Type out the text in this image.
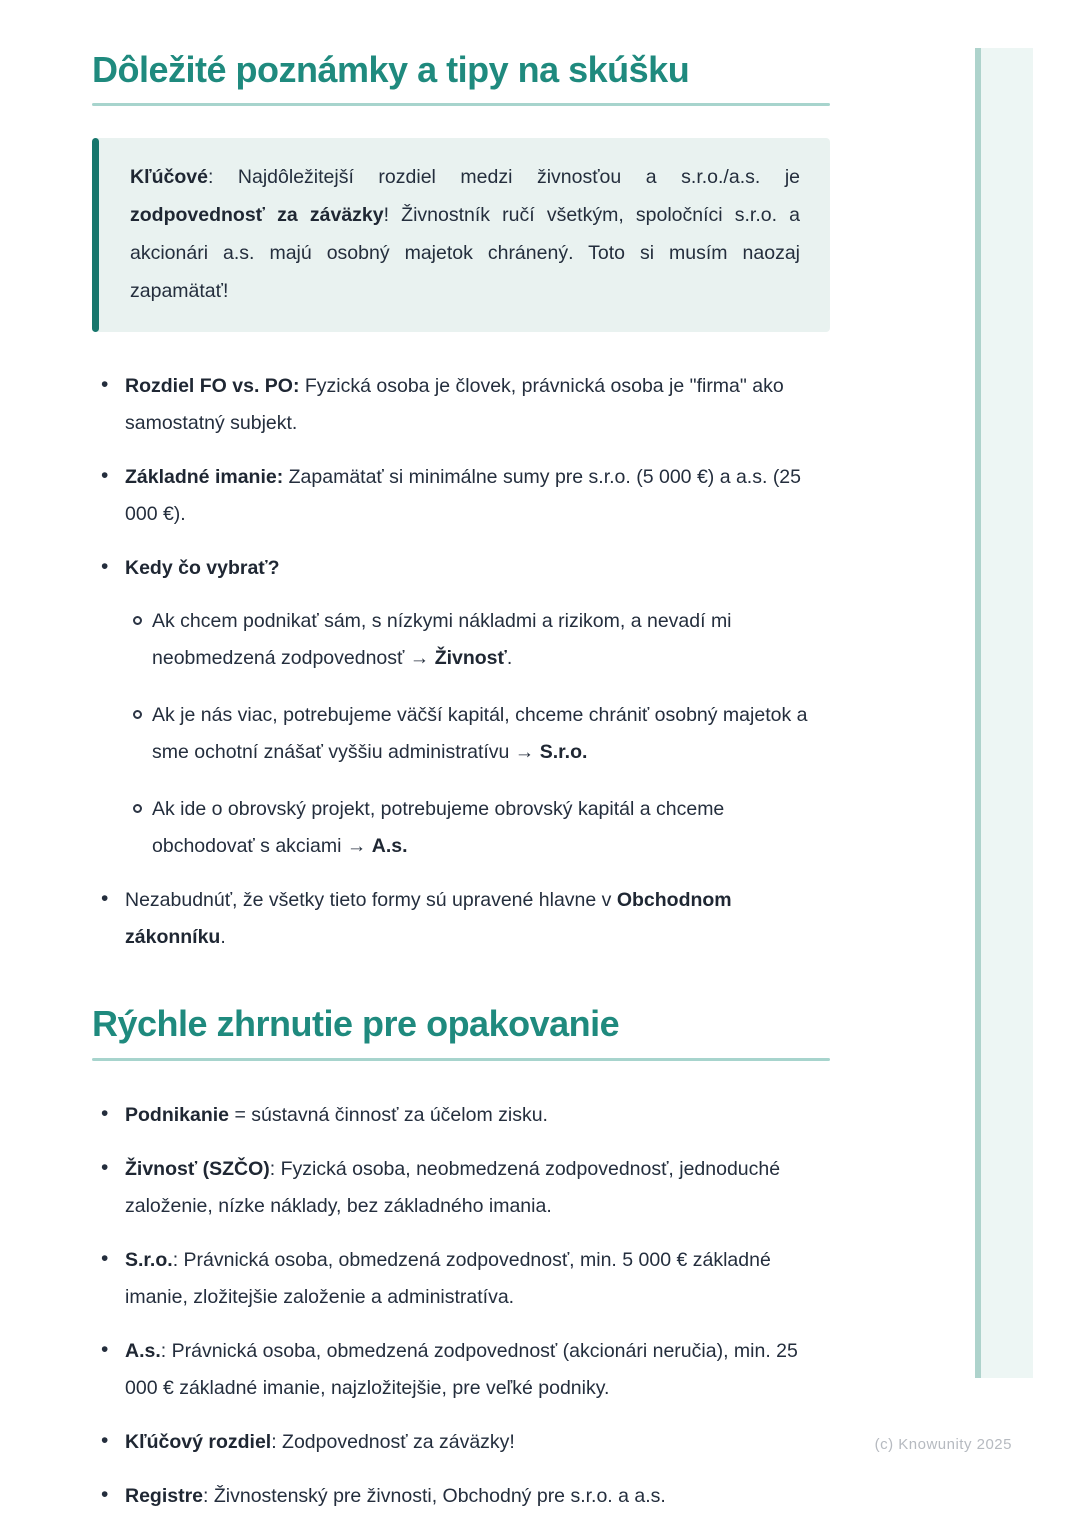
Dôležité poznámky a tipy na skúšku
Kľúčové: Najdôležitejší rozdiel medzi živnosťou a s.r.o./a.s. je zodpovednosť za záväzky! Živnostník ručí všetkým, spoločníci s.r.o. a akcionári a.s. majú osobný majetok chránený. Toto si musím naozaj zapamätať!
• Rozdiel FO vs. PO: Fyzická osoba je človek, právnická osoba je "firma" ako samostatný subjekt.
• Základné imanie: Zapamätať si minimálne sumy pre s.r.o. (5 000 €) a a.s. (25 000 €).
• Kedy čo vybrať?
Ak chcem podnikať sám, s nízkymi nákladmi a rizikom, a nevadí mi neobmedzená zodpovednosť → Živnosť.
Ak je nás viac, potrebujeme väčší kapitál, chceme chrániť osobný majetok a sme ochotní znášať vyššiu administratívu → S.r.o.
Ak ide o obrovský projekt, potrebujeme obrovský kapitál a chceme obchodovať s akciami → A.s.
• Nezabudnúť, že všetky tieto formy sú upravené hlavne v Obchodnom zákonníku.
Rýchle zhrnutie pre opakovanie
• Podnikanie = sústavná činnosť za účelom zisku.
• Živnosť (SZČO): Fyzická osoba, neobmedzená zodpovednosť, jednoduché založenie, nízke náklady, bez základného imania.
• S.r.o.: Právnická osoba, obmedzená zodpovednosť, min. 5 000 € základné imanie, zložitejšie založenie a administratíva.
• A.s.: Právnická osoba, obmedzená zodpovednosť (akcionári neručia), min. 25 000 € základné imanie, najzložitejšie, pre veľké podniky.
• Kľúčový rozdiel: Zodpovednosť za záväzky!
• Registre: Živnostenský pre živnosti, Obchodný pre s.r.o. a a.s.
(c) Knowunity 2025
